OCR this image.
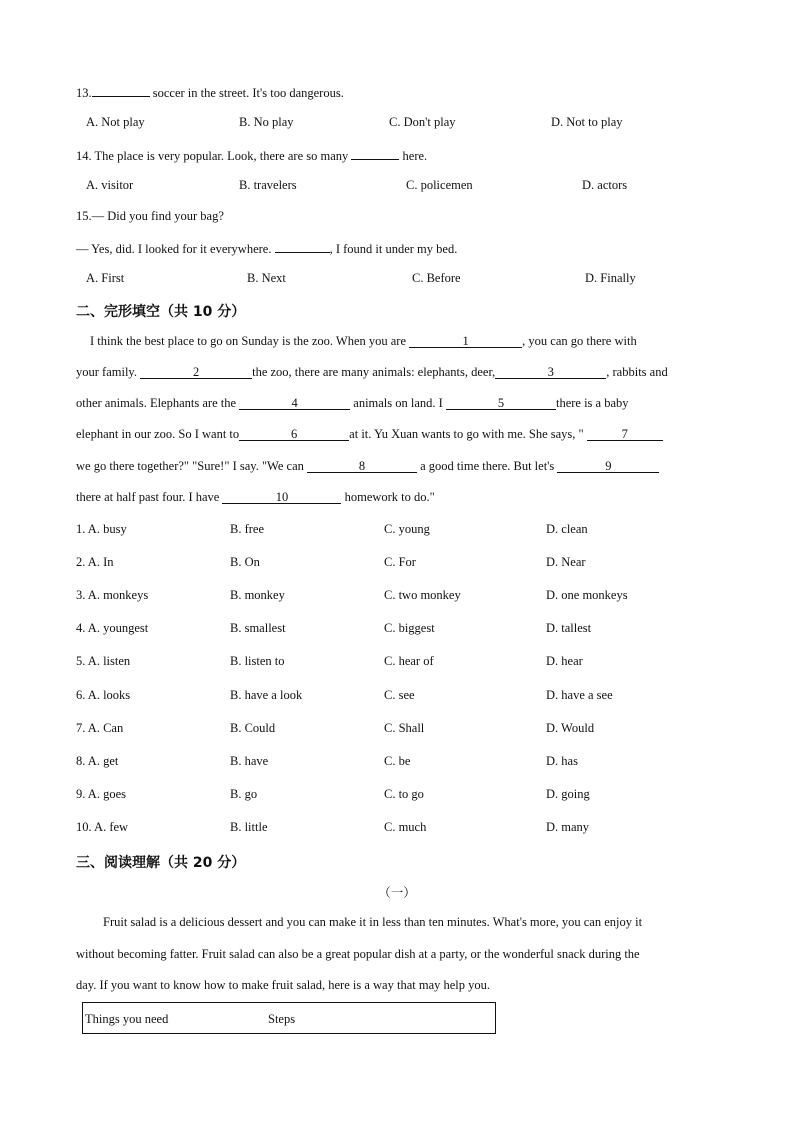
13.	soccer in the street. It's too dangerous.
A. Not play	B. No play	C. Don't play	D. Not to play
14. The place is very popular. Look, there are so many	here.
A. visitor	B. travelers	C. policemen	D. actors
15.— Did you find your bag?
— Yes, did. I looked for it everywhere.	, I found it under my bed.
A. First	B. Next	C. Before	D. Finally
二、完形填空（共 10 分）
I think the best place to go on Sunday is the zoo. When you are	1	, you can go there with
your family.	2	the zoo, there are many animals: elephants, deer,	3	, rabbits and
other animals. Elephants are the	4	animals on land. I	5	there is a baby
elephant in our zoo. So I want to	6	at it. Yu Xuan wants to go with me. She says, "	7
we go there together?" "Sure!" I say. "We can	8	a good time there. But let's	9
there at half past four. I have	10	homework to do."
1. A. busy	B. free	C. young	D. clean
2. A. In	B. On	C. For	D. Near
3. A. monkeys	B. monkey	C. two monkey	D. one monkeys
4. A. youngest	B. smallest	C. biggest	D. tallest
5. A. listen	B. listen to	C. hear of	D. hear
6. A. looks	B. have a look	C. see	D. have a see
7. A. Can	B. Could	C. Shall	D. Would
8. A. get	B. have	C. be	D. has
9. A. goes	B. go	C. to go	D. going
10. A. few	B. little	C. much	D. many
三、阅读理解（共 20 分）
（一）
Fruit salad is a delicious dessert and you can make it in less than ten minutes. What's more, you can enjoy it
without becoming fatter. Fruit salad can also be a great popular dish at a party, or the wonderful snack during the
day. If you want to know how to make fruit salad, here is a way that may help you.
Things you need	Steps
